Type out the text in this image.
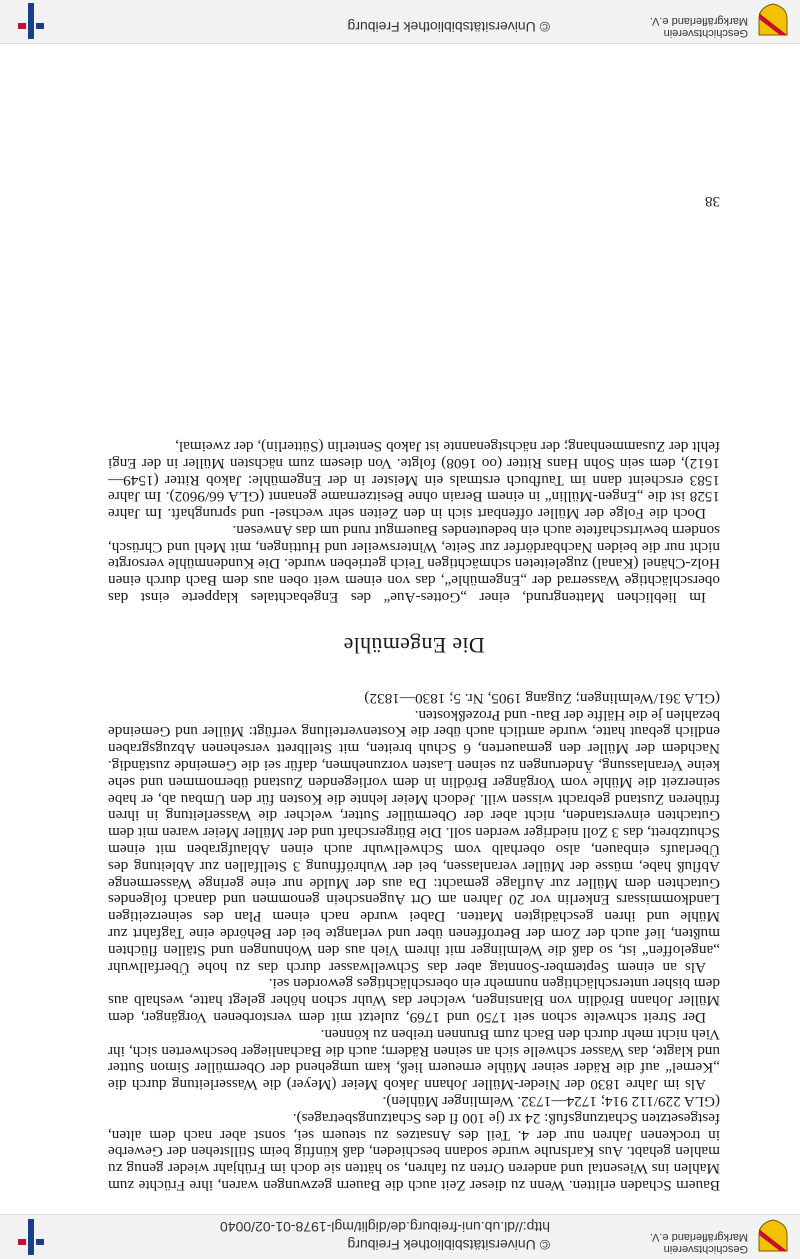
Geschichtsverein
Markgräflerland e.V.
© Universitätsbibliothek Freiburg
http://dl.ub.uni-freiburg.de/diglit/mgl-1978-01-02/0040

Bauern Schaden erlitten. Wenn zu dieser Zeit auch die Bauern gezwungen waren, ihre Früchte zum Mahlen ins Wiesental und anderen Orten zu fahren, so hätten sie doch im Frühjahr wieder genug zu mahlen gehabt. Aus Karlsruhe wurde sodann beschieden, daß künftig beim Stillstehen der Gewerbe in trockenen Jahren nur der 4. Teil des Ansatzes zu steuern sei, sonst aber nach dem alten, festgesetzten Schatzungsfuß: 24 xr (je 100 fl des Schatzungsbetrages).

(GLA 229/112 914; 1724—1732. Welmlinger Mühlen).

Als im Jahre 1830 der Nieder-Müller Johann Jakob Meier (Meyer) die Wasserleitung durch die „Kernel“ auf die Räder seiner Mühle erneuern ließ, kam umgehend der Obermüller Simon Sutter und klagte, das Wasser schwelle sich an seinen Rädern; auch die Bachanlieger beschwerten sich, ihr Vieh nicht mehr durch den Bach zum Brunnen treiben zu können.

Der Streit schwelte schon seit 1750 und 1769, zuletzt mit dem verstorbenen Vorgänger, dem Müller Johann Brödlin von Blansingen, welcher das Wuhr schon höher gelegt hatte, weshalb aus dem bisher unterschlächtigen nunmehr ein oberschlächtiges geworden sei.

Als an einem September-Sonntag aber das Schwellwasser durch das zu hohe Überfallwuhr „angeloffen“ ist, so daß die Welmlinger mit ihrem Vieh aus den Wohnungen und Ställen flüchten mußten, lief auch der Zorn der Betroffenen über und verlangte bei der Behörde eine Tagfahrt zur Mühle und ihren geschädigten Matten. Dabei wurde nach einem Plan des seinerzeitigen Landkommissars Enkerlin vor 20 Jahren am Ort Augenschein genommen und danach folgendes Gutachten dem Müller zur Auflage gemacht: Da aus der Mulde nur eine geringe Wassermenge Abfluß habe, müsse der Müller veranlassen, bei der Wuhröffnung 3 Stellfallen zur Ableitung des Überlaufs einbauen, also oberhalb vom Schwellwuhr auch einen Ablaufgraben mit einem Schutzbrett, das 3 Zoll niedriger werden soll. Die Bürgerschaft und der Müller Meier waren mit dem Gutachten einverstanden, nicht aber der Obermüller Sutter, welcher die Wasserleitung in ihren früheren Zustand gebracht wissen will. Jedoch Meier lehnte die Kosten für den Umbau ab, er habe seinerzeit die Mühle vom Vorgänger Brödlin in dem vorliegenden Zustand übernommen und sehe keine Veranlassung, Änderungen zu seinen Lasten vorzunehmen, dafür sei die Gemeinde zuständig. Nachdem der Müller den gemauerten, 6 Schuh breiten, mit Stellbrett versehenen Abzugsgraben endlich gebaut hatte, wurde amtlich auch über die Kostenverteilung verfügt: Müller und Gemeinde bezahlen je die Hälfte der Bau- und Prozeßkosten.

(GLA 361/Welmlingen; Zugang 1905, Nr. 5; 1830—1832)

Die Engemühle

Im lieblichen Mattengrund, einer „Gottes-Aue“ des Engebachtales klapperte einst das oberschlächtige Wasserrad der „Engemühle“, das von einem weit oben aus dem Bach durch einen Holz-Chänel (Kanal) zugeleiteten schmächtigen Teich getrieben wurde. Die Kundenmühle versorgte nicht nur die beiden Nachbardörfer zur Seite, Wintersweiler und Huttingen, mit Mehl und Chrüsch, sondern bewirtschaftete auch ein bedeutendes Bauerngut rund um das Anwesen.

Doch die Folge der Müller offenbart sich in den Zeiten sehr wechsel- und sprunghaft. Im Jahre 1528 ist die „Engen-Müllin“ in einem Berain ohne Besitzername genannt (GLA 66/9602). Im Jahre 1583 erscheint dann im Taufbuch erstmals ein Meister in der Engemühle: Jakob Ritter (1549—1612), dem sein Sohn Hans Ritter (oo 1608) folgte. Von diesem zum nächsten Müller in der Engi fehlt der Zusammenhang; der nächstgenannte ist Jakob Senterlin (Sütterlin), der zweimal,

38
Geschichtsverein
Markgräflerland e.V.
© Universitätsbibliothek Freiburg
